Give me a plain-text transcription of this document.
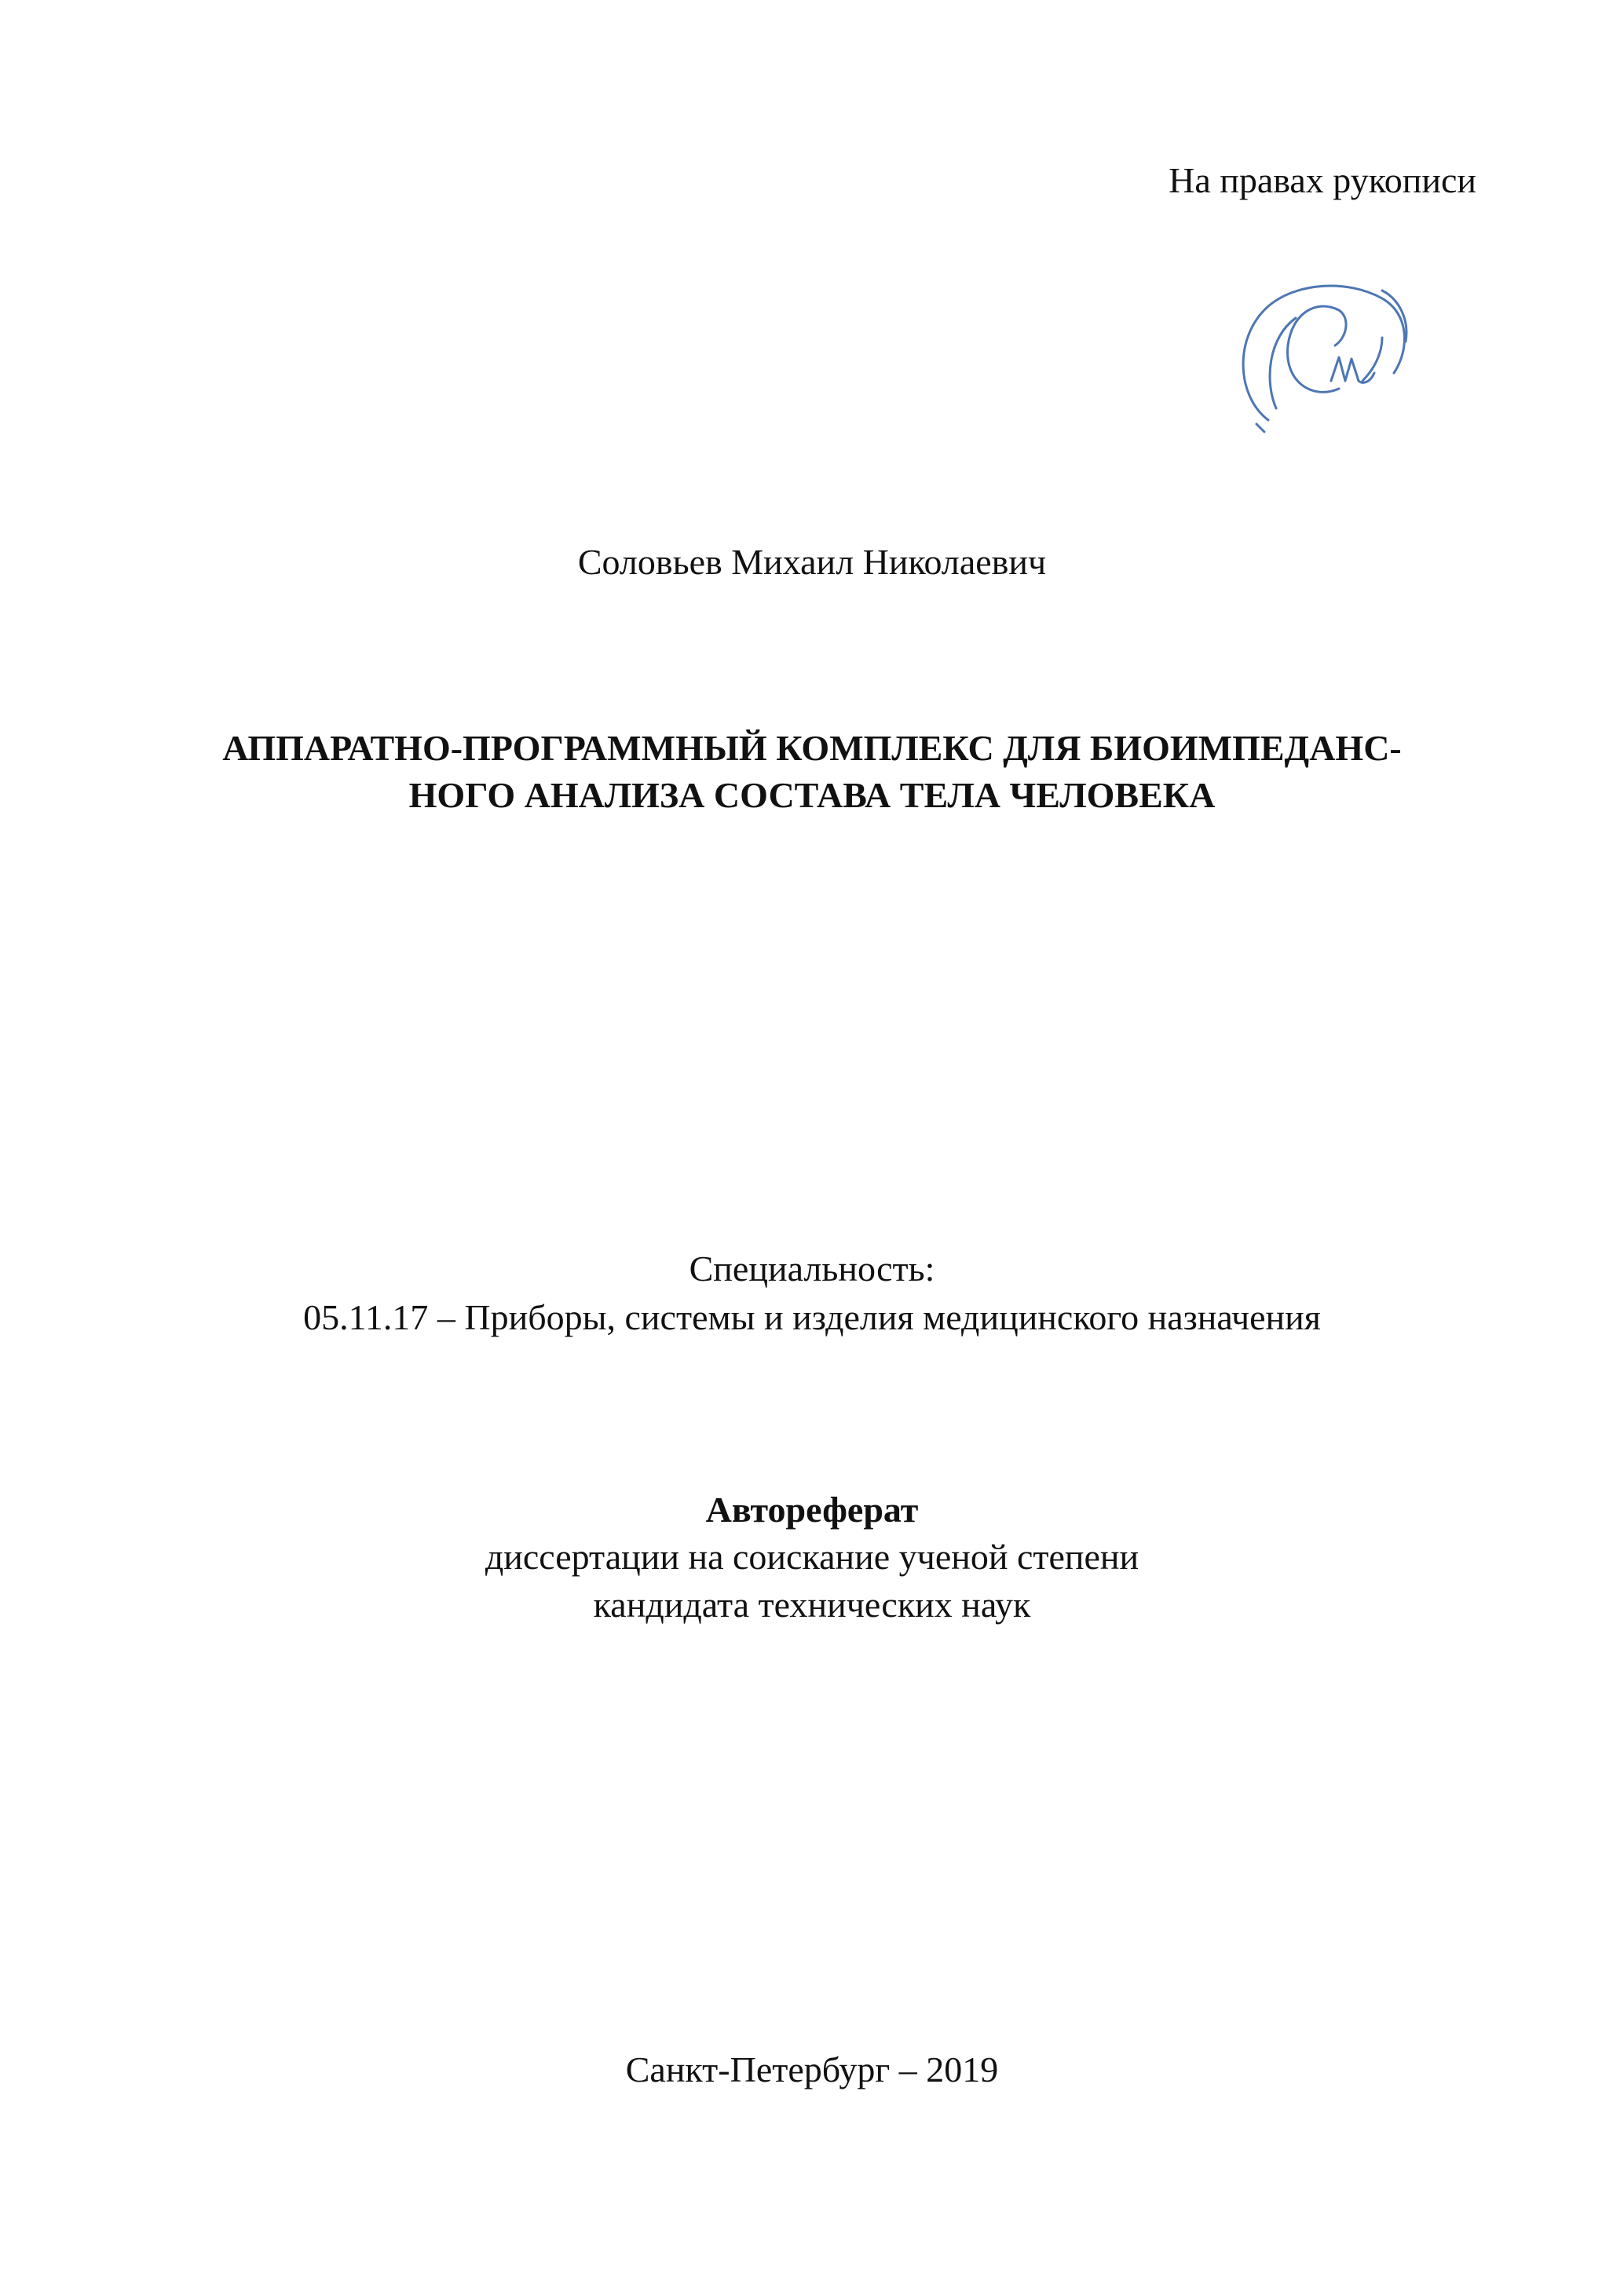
На правах рукописи
Соловьев Михаил Николаевич
АППАРАТНО-ПРОГРАММНЫЙ КОМПЛЕКС ДЛЯ БИОИМПЕДАНС-
НОГО АНАЛИЗА СОСТАВА ТЕЛА ЧЕЛОВЕКА
Специальность:
05.11.17 – Приборы, системы и изделия медицинского назначения
Автореферат
диссертации на соискание ученой степени
кандидата технических наук
Санкт-Петербург – 2019
